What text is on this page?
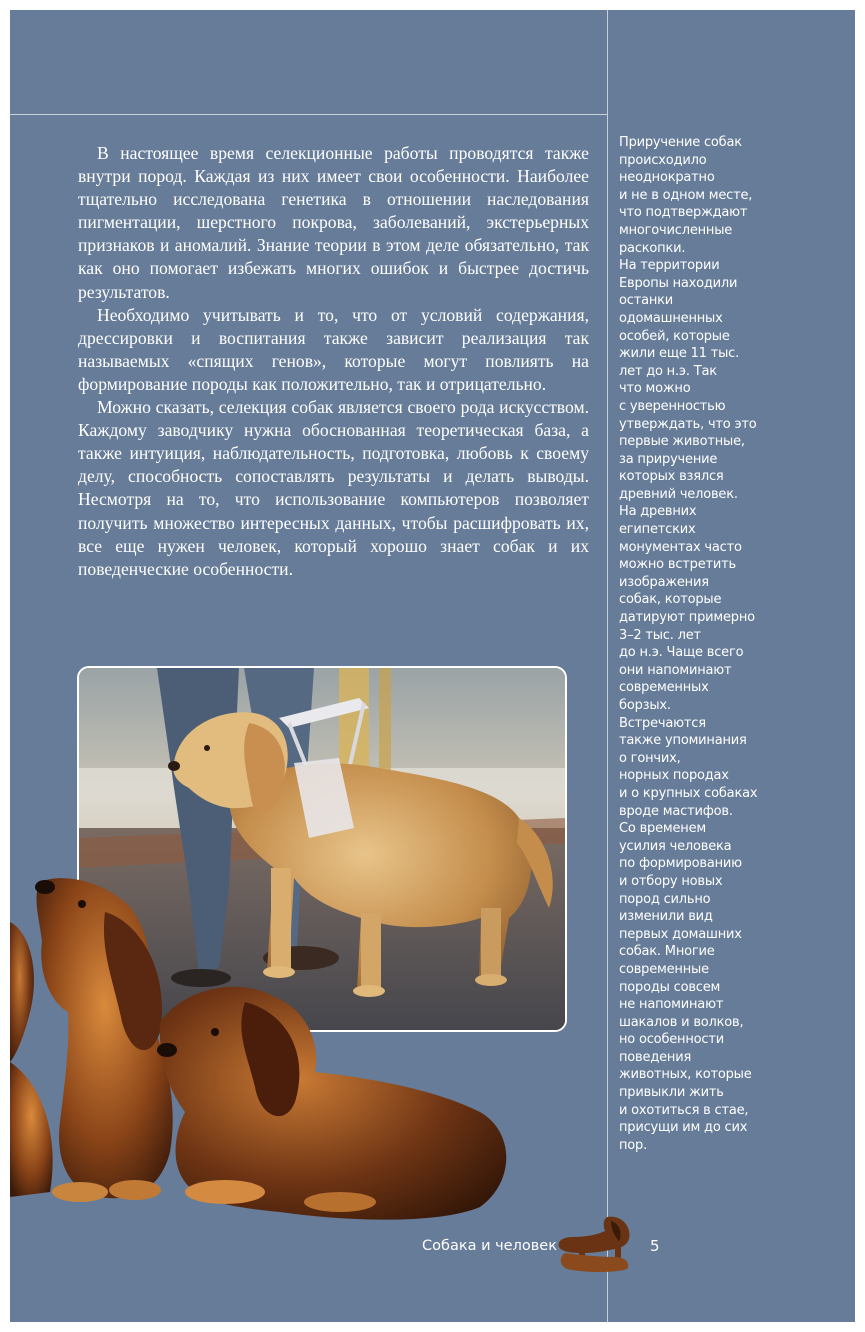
В настоящее время селекционные работы проводятся также внутри пород. Каждая из них имеет свои особенности. Наиболее тщательно исследована генетика в отношении наследования пигментации, шерстного покрова, заболеваний, экстерьерных признаков и аномалий. Знание теории в этом деле обязательно, так как оно помогает избежать многих ошибок и быстрее достичь результатов.

Необходимо учитывать и то, что от условий содержания, дрессировки и воспитания также зависит реализация так называемых «спящих генов», которые могут повлиять на формирование породы как положительно, так и отрицательно.

Можно сказать, селекция собак является своего рода искусством. Каждому заводчику нужна обоснованная теоретическая база, а также интуиция, наблюдательность, подготовка, любовь к своему делу, способность сопоставлять результаты и делать выводы. Несмотря на то, что использование компьютеров позволяет получить множество интересных данных, чтобы расшифровать их, все еще нужен человек, который хорошо знает собак и их поведенческие особенности.

Приручение собак
происходило
неоднократно
и не в одном месте,
что подтверждают
многочисленные
раскопки.
На территории
Европы находили
останки
одомашненных
особей, которые
жили еще 11 тыс.
лет до н.э. Так
что можно
с уверенностью
утверждать, что это
первые животные,
за приручение
которых взялся
древний человек.
На древних
египетских
монументах часто
можно встретить
изображения
собак, которые
датируют примерно
3–2 тыс. лет
до н.э. Чаще всего
они напоминают
современных
борзых.
Встречаются
также упоминания
о гончих,
норных породах
и о крупных собаках
вроде мастифов.
Со временем
усилия человека
по формированию
и отбору новых
пород сильно
изменили вид
первых домашних
собак. Многие
современные
породы совсем
не напоминают
шакалов и волков,
но особенности
поведения
животных, которые
привыкли жить
и охотиться в стае,
присущи им до сих
пор.
Собака и человек	5
